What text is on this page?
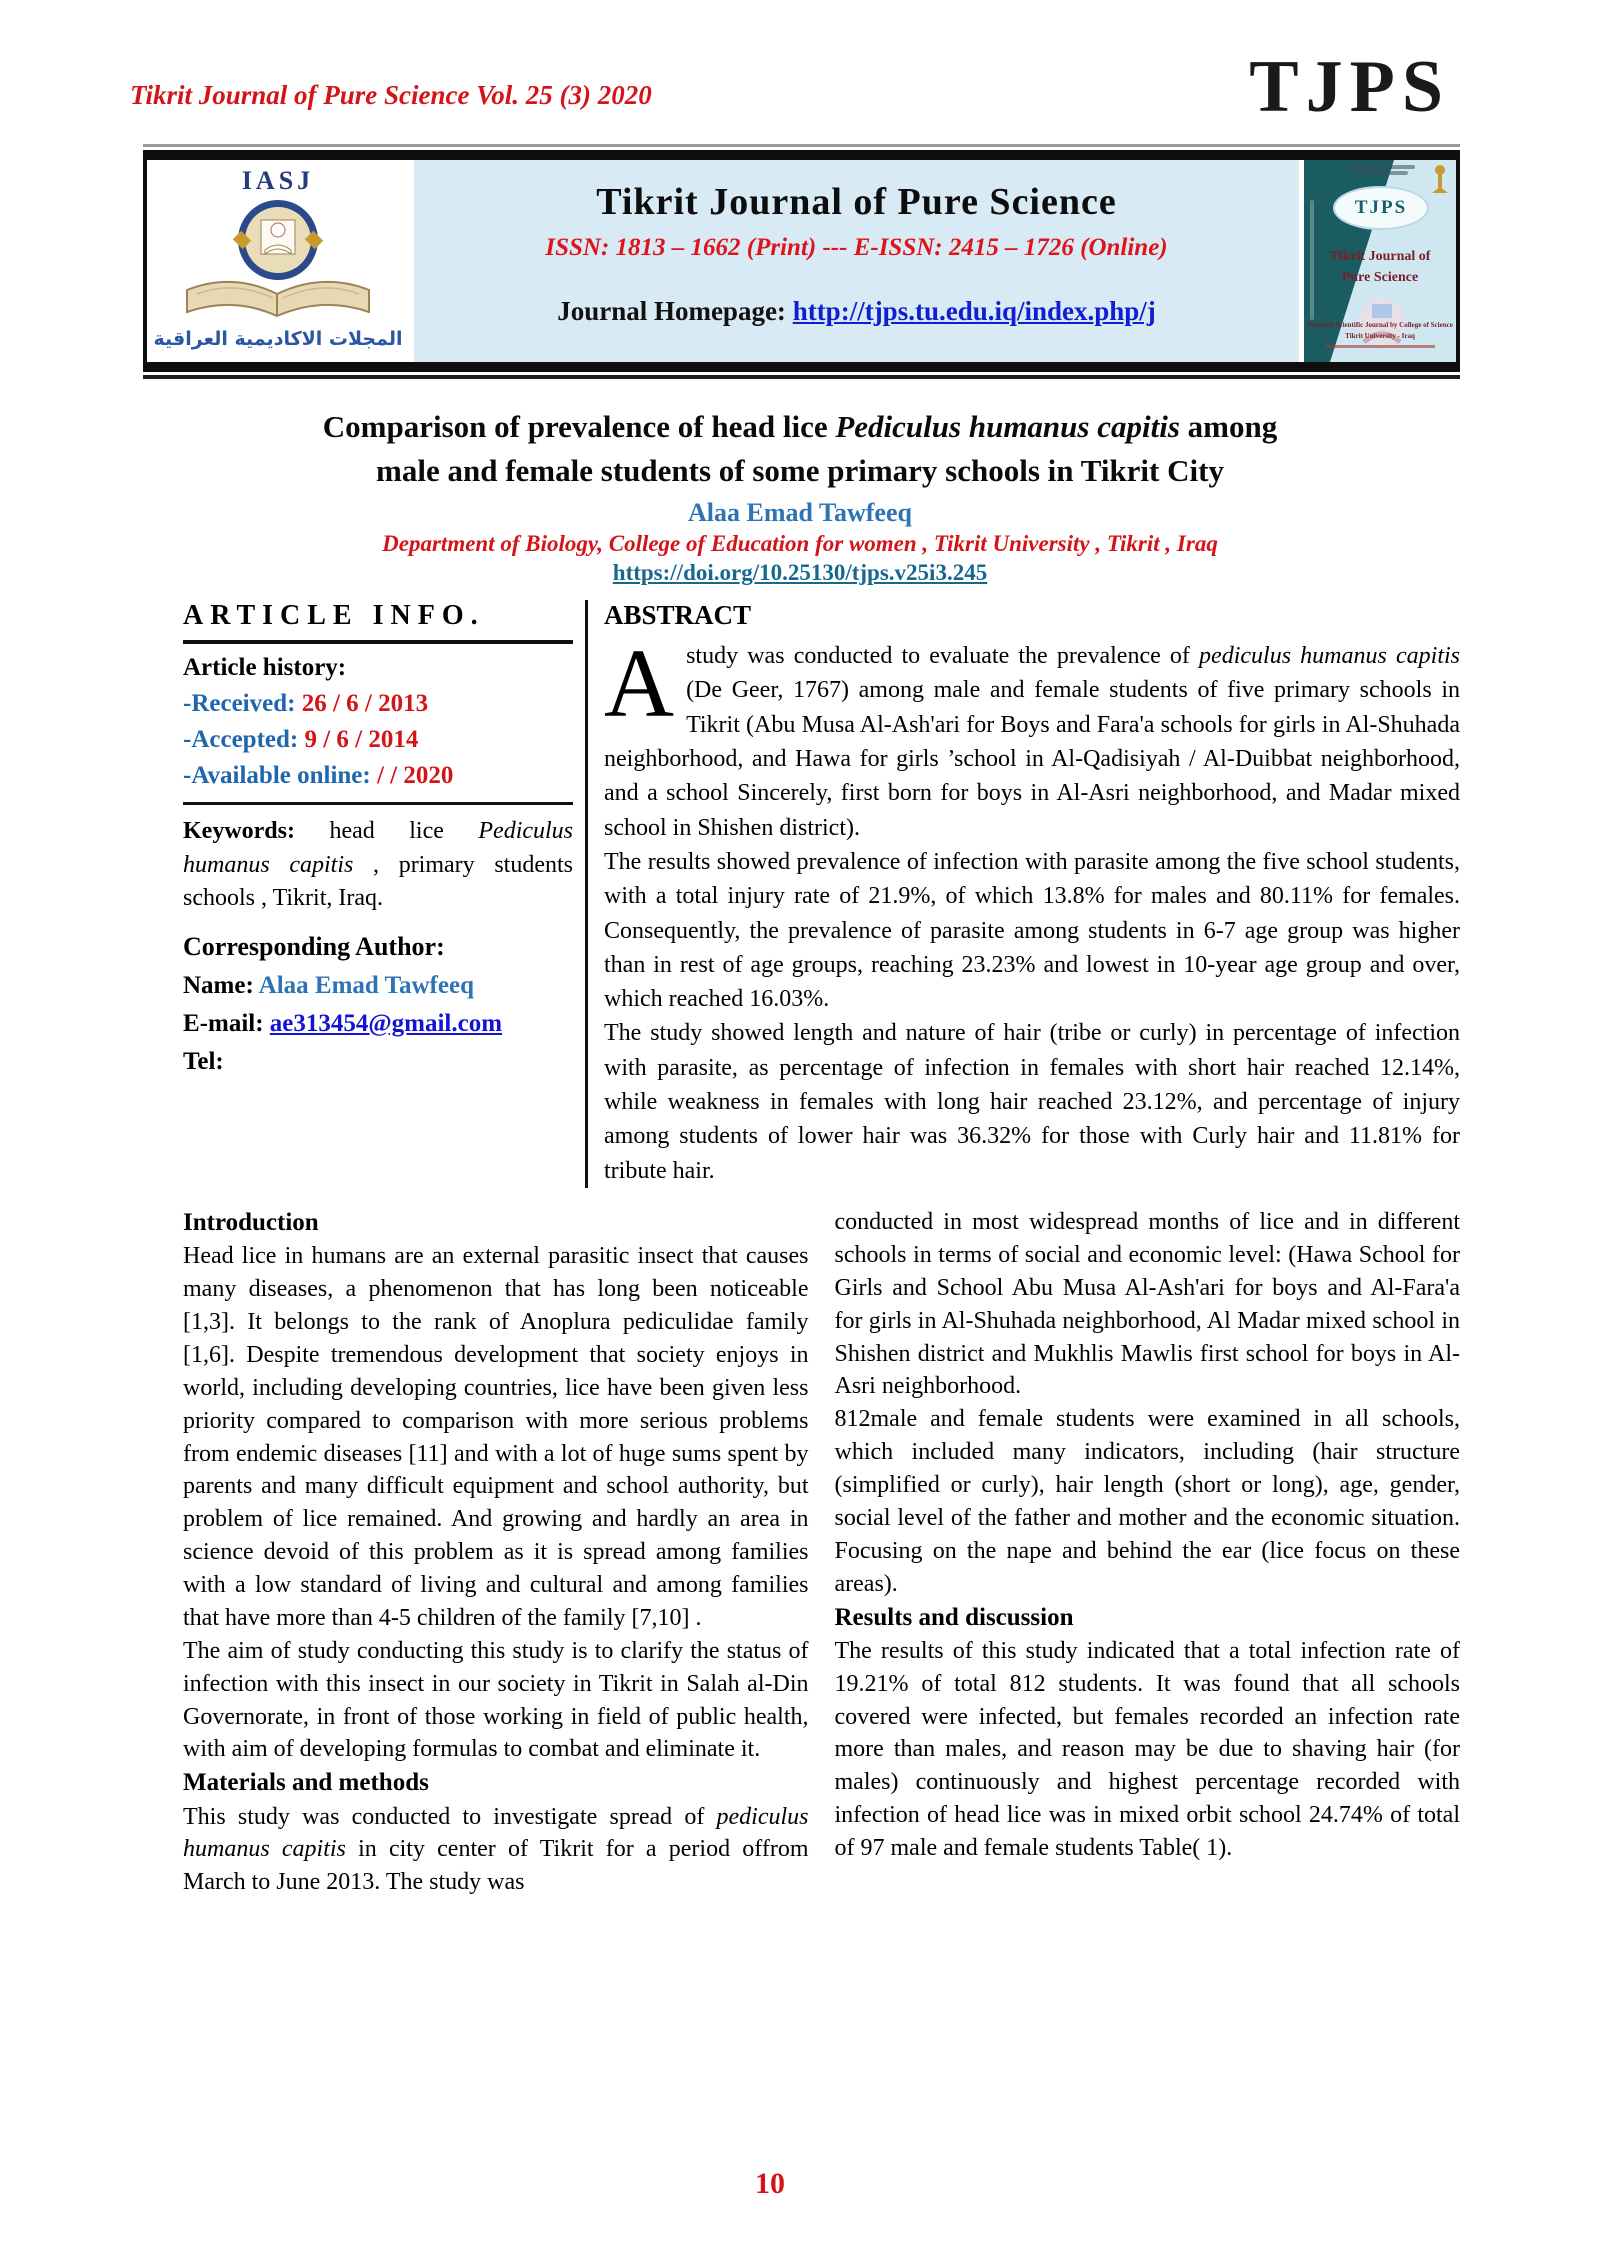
Tikrit Journal of Pure Science Vol. 25 (3) 2020	TJPS
IASJ
المجلات الاكاديمية العراقية
Tikrit Journal of Pure Science
ISSN: 1813 – 1662 (Print) --- E-ISSN: 2415 – 1726 (Online)
Journal Homepage: http://tjps.tu.edu.iq/index.php/j
TJPS
Tikrit Journal of
Pure Science
Refereed Scientific Journal by College of Science
Tikrit University - Iraq
Comparison of prevalence of head lice Pediculus humanus capitis among
male and female students of some primary schools in Tikrit City
Alaa Emad Tawfeeq
Department of Biology, College of Education for women , Tikrit University , Tikrit , Iraq
https://doi.org/10.25130/tjps.v25i3.245
ARTICLE INFO.
Article history:
-Received: 26 / 6 / 2013
-Accepted: 9 / 6 / 2014
-Available online: / / 2020
Keywords: head lice Pediculus humanus capitis , primary students schools , Tikrit, Iraq.
Corresponding Author:
Name: Alaa Emad Tawfeeq
E-mail: ae313454@gmail.com
Tel:
ABSTRACT
A study was conducted to evaluate the prevalence of pediculus humanus capitis (De Geer, 1767) among male and female students of five primary schools in Tikrit (Abu Musa Al-Ash'ari for Boys and Fara'a schools for girls in Al-Shuhada neighborhood, and Hawa for girls ’school in Al-Qadisiyah / Al-Duibbat neighborhood, and a school Sincerely, first born for boys in Al-Asri neighborhood, and Madar mixed school in Shishen district).
The results showed prevalence of infection with parasite among the five school students, with a total injury rate of 21.9%, of which 13.8% for males and 80.11% for females. Consequently, the prevalence of parasite among students in 6-7 age group was higher than in rest of age groups, reaching 23.23% and lowest in 10-year age group and over, which reached 16.03%.
The study showed length and nature of hair (tribe or curly) in percentage of infection with parasite, as percentage of infection in females with short hair reached 12.14%, while weakness in females with long hair reached 23.12%, and percentage of injury among students of lower hair was 36.32% for those with Curly hair and 11.81% for tribute hair.
Introduction
Head lice in humans are an external parasitic insect that causes many diseases, a phenomenon that has long been noticeable [1,3]. It belongs to the rank of Anoplura pediculidae family [1,6]. Despite tremendous development that society enjoys in world, including developing countries, lice have been given less priority compared to comparison with more serious problems from endemic diseases [11] and with a lot of huge sums spent by parents and many difficult equipment and school authority, but problem of lice remained. And growing and hardly an area in science devoid of this problem as it is spread among families with a low standard of living and cultural and among families that have more than 4-5 children of the family [7,10] .
The aim of study conducting this study is to clarify the status of infection with this insect in our society in Tikrit in Salah al-Din Governorate, in front of those working in field of public health, with aim of developing formulas to combat and eliminate it.
Materials and methods
This study was conducted to investigate spread of pediculus humanus capitis in city center of Tikrit for a period offrom March to June 2013. The study was
conducted in most widespread months of lice and in different schools in terms of social and economic level: (Hawa School for Girls and School Abu Musa Al-Ash'ari for boys and Al-Fara'a for girls in Al-Shuhada neighborhood, Al Madar mixed school in Shishen district and Mukhlis Mawlis first school for boys in Al-Asri neighborhood.
812male and female students were examined in all schools, which included many indicators, including (hair structure (simplified or curly), hair length (short or long), age, gender, social level of the father and mother and the economic situation. Focusing on the nape and behind the ear (lice focus on these areas).
Results and discussion
The results of this study indicated that a total infection rate of 19.21% of total 812 students. It was found that all schools covered were infected, but females recorded an infection rate more than males, and reason may be due to shaving hair (for males) continuously and highest percentage recorded with infection of head lice was in mixed orbit school 24.74% of total of 97 male and female students Table( 1).
10
